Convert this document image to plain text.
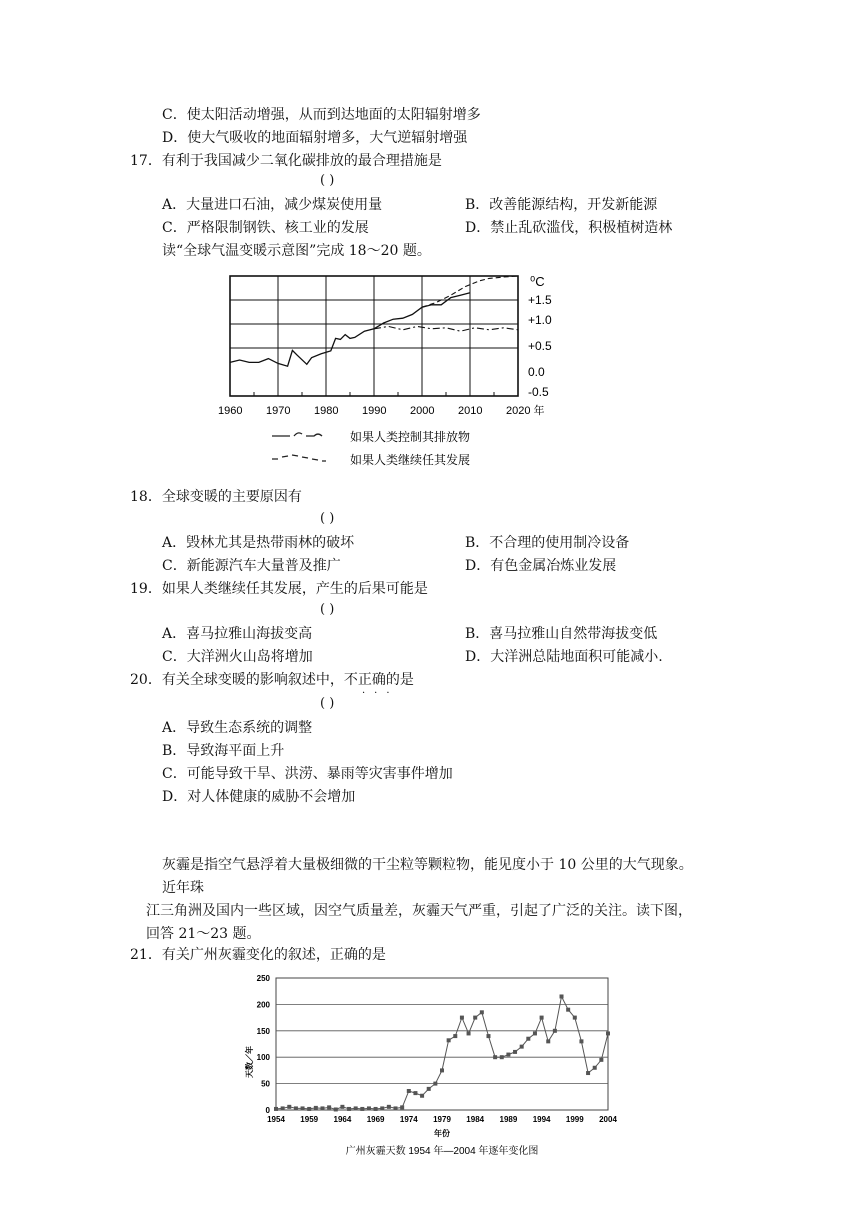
C．使太阳活动增强，从而到达地面的太阳辐射增多
D．使大气吸收的地面辐射增多，大气逆辐射增强
17．有利于我国减少二氧化碳排放的最合理措施是
( )
A．大量进口石油，减少煤炭使用量	B．改善能源结构，开发新能源
C．严格限制钢铁、核工业的发展	D．禁止乱砍滥伐，积极植树造林
读“全球气温变暖示意图”完成 18～20 题。
⁰C
+1.5
+1.0
+0.5
0.0
-0.5
1960 1970 1980 1990 2000 2010 2020 年
如果人类控制其排放物
如果人类继续任其发展
18．全球变暖的主要原因有
( )
A．毁林尤其是热带雨林的破坏	B．不合理的使用制冷设备
C．新能源汽车大量普及推广	D．有色金属冶炼业发展
19．如果人类继续任其发展，产生的后果可能是
( )
A．喜马拉雅山海拔变高	B．喜马拉雅山自然带海拔变低
C．大洋洲火山岛将增加	D．大洋洲总陆地面积可能减小.
20．有关全球变暖的影响叙述中，不正确的是
···
( )
A．导致生态系统的调整
B．导致海平面上升
C．可能导致干旱、洪涝、暴雨等灾害事件增加
D．对人体健康的威胁不会增加
灰霾是指空气悬浮着大量极细微的干尘粒等颗粒物，能见度小于 10 公里的大气现象。
近年珠
江三角洲及国内一些区域，因空气质量差，灰霾天气严重，引起了广泛的关注。读下图，
回答 21～23 题。
21．有关广州灰霾变化的叙述，正确的是
0
50
100
150
200
250
1954 1959 1964 1969 1974 1979 1984 1989 1994 1999 2004
天数／年
年份
广州灰霾天数 1954 年—2004 年逐年变化图
